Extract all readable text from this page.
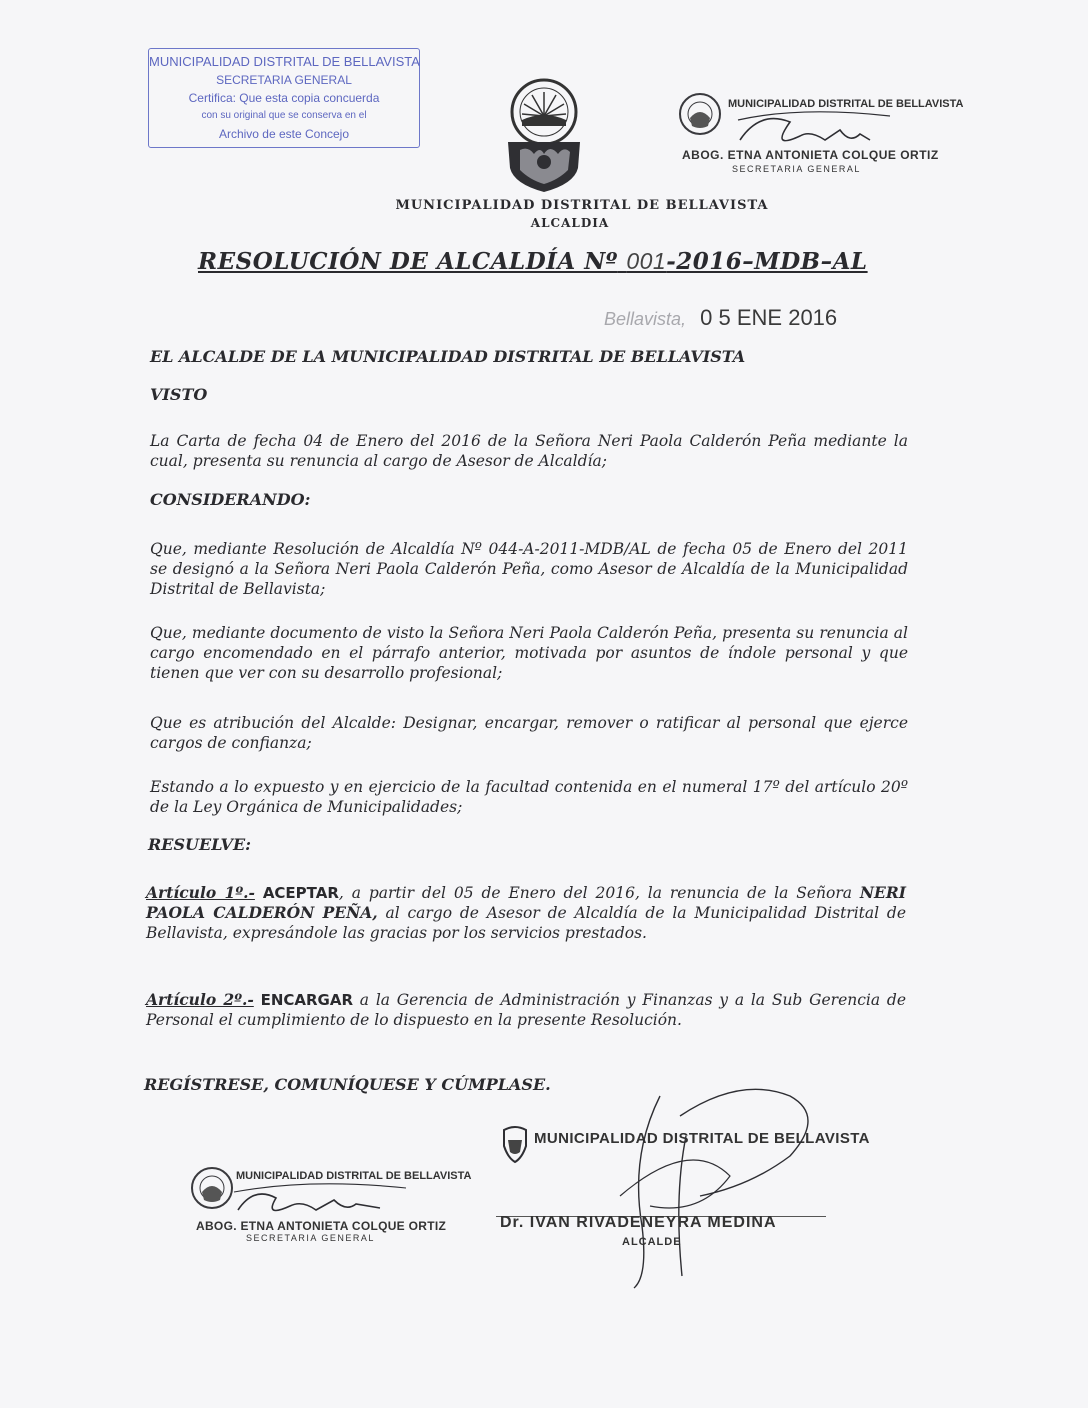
MUNICIPALIDAD DISTRITAL DE BELLAVISTA
SECRETARIA GENERAL
Certifica: Que esta copia concuerda
con su original que se conserva en el
Archivo de este Concejo
MUNICIPALIDAD DISTRITAL DE BELLAVISTA
ABOG. ETNA ANTONIETA COLQUE ORTIZ
SECRETARIA GENERAL
MUNICIPALIDAD DISTRITAL DE BELLAVISTA
ALCALDIA
RESOLUCIÓN DE ALCALDÍA Nº 001-2016–MDB–AL
Bellavista, 0 5 ENE 2016
EL ALCALDE DE LA MUNICIPALIDAD DISTRITAL DE BELLAVISTA
VISTO
La Carta de fecha 04 de Enero del 2016 de la Señora Neri Paola Calderón Peña mediante la cual, presenta su renuncia al cargo de Asesor de Alcaldía;
CONSIDERANDO:
Que, mediante Resolución de Alcaldía Nº 044-A-2011-MDB/AL de fecha 05 de Enero del 2011 se designó a la Señora Neri Paola Calderón Peña, como Asesor de Alcaldía de la Municipalidad Distrital de Bellavista;
Que, mediante documento de visto la Señora Neri Paola Calderón Peña, presenta su renuncia al cargo encomendado en el párrafo anterior, motivada por asuntos de índole personal y que tienen que ver con su desarrollo profesional;
Que es atribución del Alcalde: Designar, encargar, remover o ratificar al personal que ejerce cargos de confianza;
Estando a lo expuesto y en ejercicio de la facultad contenida en el numeral 17º del artículo 20º de la Ley Orgánica de Municipalidades;
RESUELVE:
Artículo 1º.- ACEPTAR, a partir del 05 de Enero del 2016, la renuncia de la Señora NERI PAOLA CALDERÓN PEÑA, al cargo de Asesor de Alcaldía de la Municipalidad Distrital de Bellavista, expresándole las gracias por los servicios prestados.
Artículo 2º.- ENCARGAR a la Gerencia de Administración y Finanzas y a la Sub Gerencia de Personal el cumplimiento de lo dispuesto en la presente Resolución.
REGÍSTRESE, COMUNÍQUESE Y CÚMPLASE.
MUNICIPALIDAD DISTRITAL DE BELLAVISTA
ABOG. ETNA ANTONIETA COLQUE ORTIZ
SECRETARIA GENERAL
MUNICIPALIDAD DISTRITAL DE BELLAVISTA
Dr. IVAN RIVADENEYRA MEDINA
ALCALDE
